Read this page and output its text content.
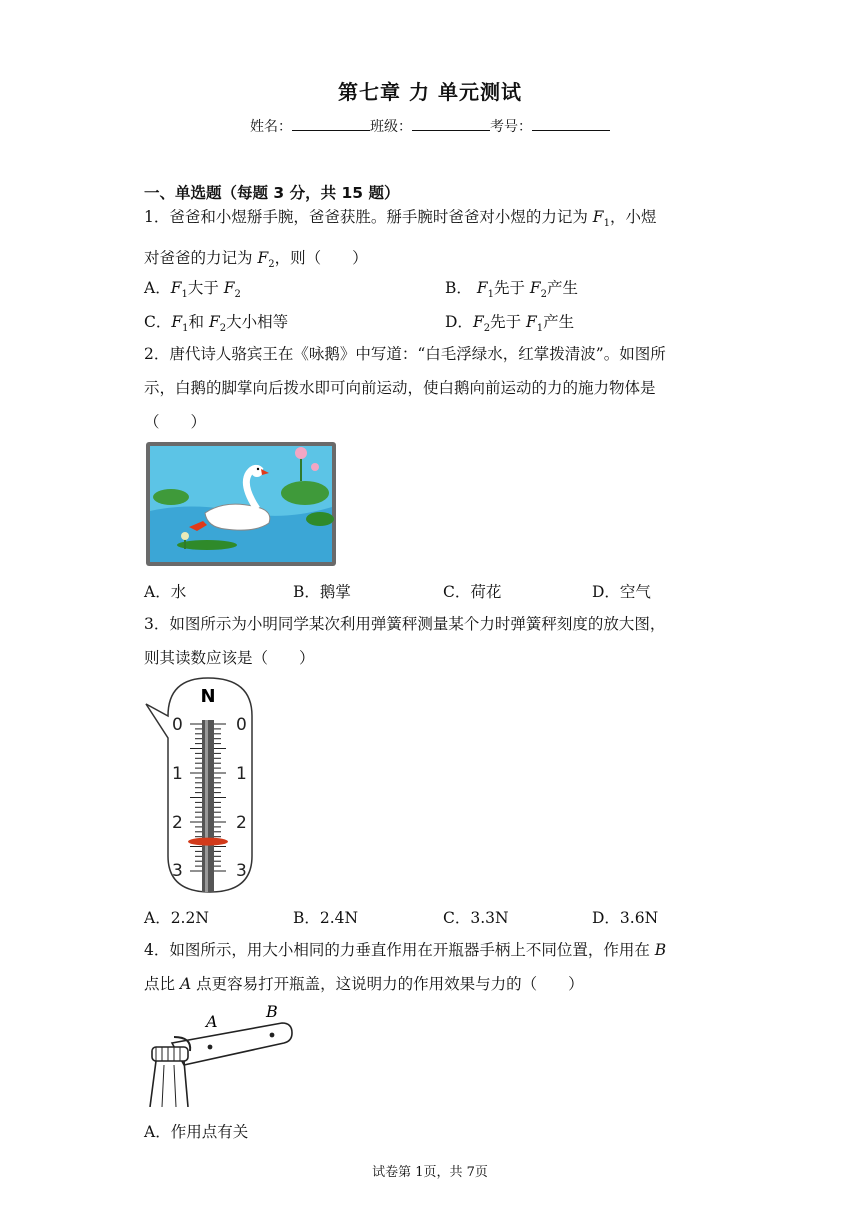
第七章 力 单元测试
姓名：	班级：	考号：
一、单选题（每题 3 分，共 15 题）
1．爸爸和小煜掰手腕，爸爸获胜。掰手腕时爸爸对小煜的力记为 $F_1$，小煜
对爸爸的力记为 $F_2$，则（　　）
A．$F_1$大于 $F_2$	B． $F_1$先于 $F_2$产生
C．$F_1$和 $F_2$大小相等	D．$F_2$先于 $F_1$产生
2．唐代诗人骆宾王在《咏鹅》中写道：“白毛浮绿水，红掌拨清波”。如图所
示，白鹅的脚掌向后拨水即可向前运动，使白鹅向前运动的力的施力物体是
（　　）
A．水	B．鹅掌	C．荷花	D．空气
3．如图所示为小明同学某次利用弹簧秤测量某个力时弹簧秤刻度的放大图，
则其读数应该是（　　）
N
0
1
2
3
0
1
2
3
A．2.2N	B．2.4N	C．3.3N	D．3.6N
4．如图所示，用大小相同的力垂直作用在开瓶器手柄上不同位置，作用在 B
点比 A 点更容易打开瓶盖，这说明力的作用效果与力的（　　）
A
B
A．作用点有关
试卷第 1页，共 7页
